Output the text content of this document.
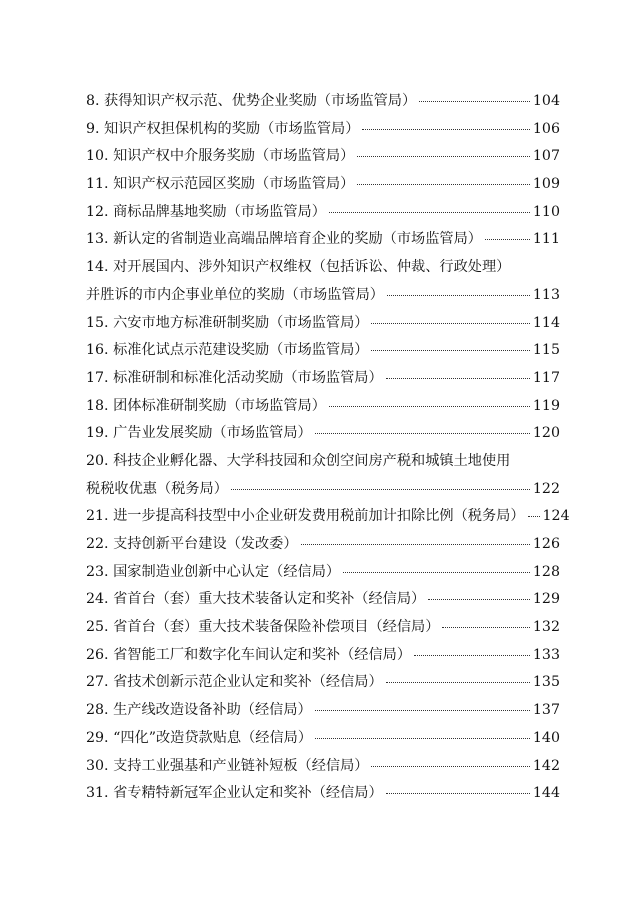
8. 获得知识产权示范、优势企业奖励（市场监管局）	104
9. 知识产权担保机构的奖励（市场监管局）	106
10. 知识产权中介服务奖励（市场监管局）	107
11. 知识产权示范园区奖励（市场监管局）	109
12. 商标品牌基地奖励（市场监管局）	110
13. 新认定的省制造业高端品牌培育企业的奖励（市场监管局）	111
14. 对开展国内、涉外知识产权维权（包括诉讼、仲裁、行政处理）
并胜诉的市内企事业单位的奖励（市场监管局）	113
15. 六安市地方标准研制奖励（市场监管局）	114
16. 标准化试点示范建设奖励（市场监管局）	115
17. 标准研制和标准化活动奖励（市场监管局）	117
18. 团体标准研制奖励（市场监管局）	119
19. 广告业发展奖励（市场监管局）	120
20. 科技企业孵化器、大学科技园和众创空间房产税和城镇土地使用
税税收优惠（税务局）	122
21. 进一步提高科技型中小企业研发费用税前加计扣除比例（税务局） 124
22. 支持创新平台建设（发改委）	126
23. 国家制造业创新中心认定（经信局）	128
24. 省首台（套）重大技术装备认定和奖补（经信局）	129
25. 省首台（套）重大技术装备保险补偿项目（经信局）	132
26. 省智能工厂和数字化车间认定和奖补（经信局）	133
27. 省技术创新示范企业认定和奖补（经信局）	135
28. 生产线改造设备补助（经信局）	137
29. “四化”改造贷款贴息（经信局）	140
30. 支持工业强基和产业链补短板（经信局）	142
31. 省专精特新冠军企业认定和奖补（经信局）	144
